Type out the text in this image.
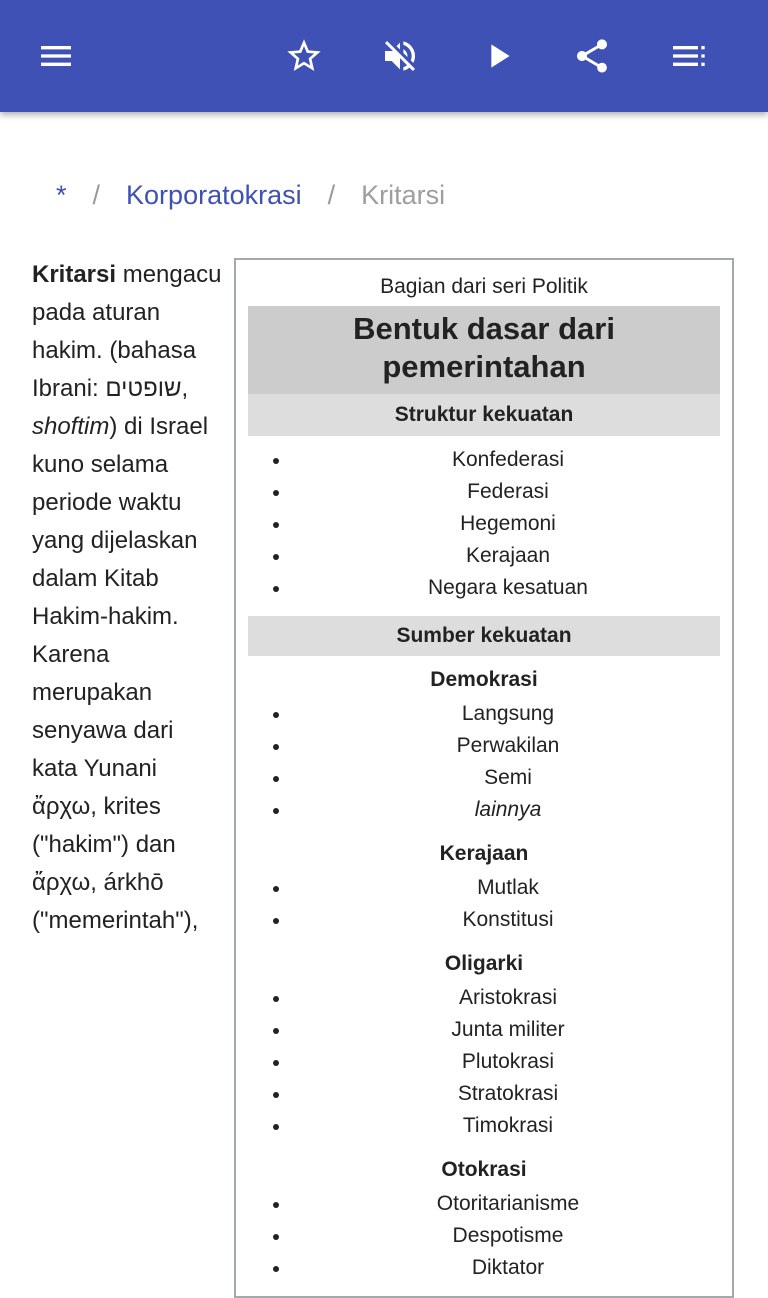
* / Korporatokrasi / Kritarsi
Kritarsi mengacu pada aturan hakim. (bahasa Ibrani: שופטים, shoftim) di Israel kuno selama periode waktu yang dijelaskan dalam Kitab Hakim-hakim. Karena merupakan senyawa dari kata Yunani ἄρχω, krites ("hakim") dan ἄρχω, árkhō ("memerintah"),
Bagian dari seri Politik
Bentuk dasar dari pemerintahan
Struktur kekuatan
Konfederasi
Federasi
Hegemoni
Kerajaan
Negara kesatuan
Sumber kekuatan
Demokrasi
Langsung
Perwakilan
Semi
lainnya
Kerajaan
Mutlak
Konstitusi
Oligarki
Aristokrasi
Junta militer
Plutokrasi
Stratokrasi
Timokrasi
Otokrasi
Otoritarianisme
Despotisme
Diktator
